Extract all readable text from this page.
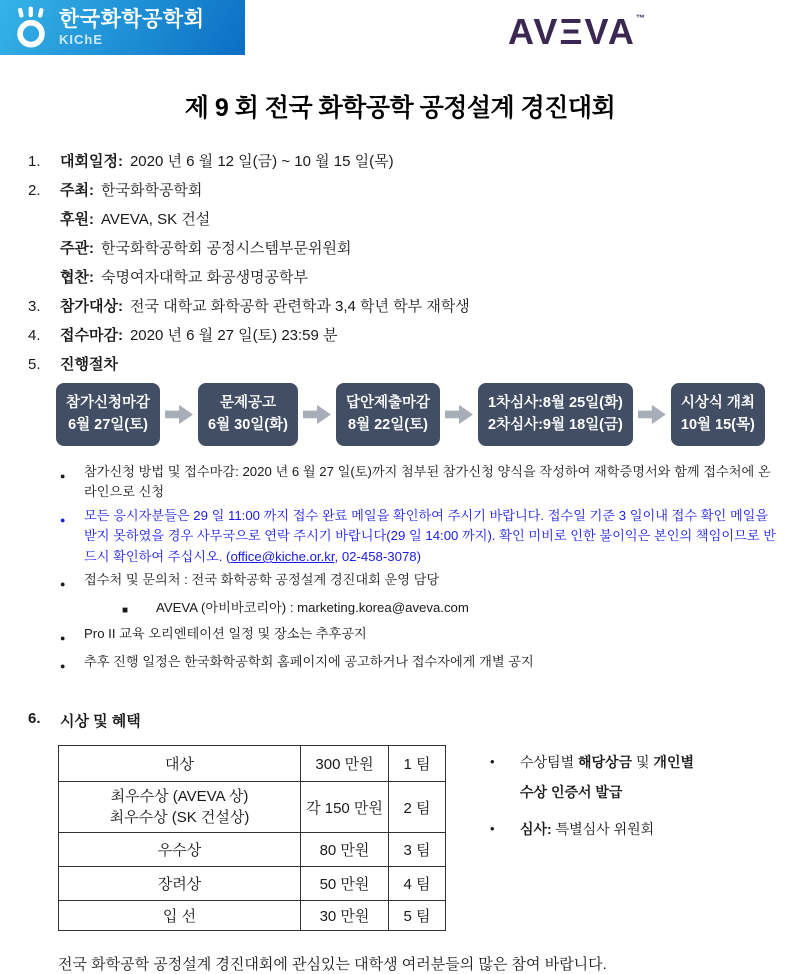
한국화학공학회
KIChE	AVΞVA ™
제 9 회 전국 화학공학 공정설계 경진대회
1.	대회일정: 2020 년 6 월 12 일(금) ~ 10 월 15 일(목)
2.	주최: 한국화학공학회
후원: AVEVA, SK 건설
주관: 한국화학공학회 공정시스템부문위원회
협찬: 숙명여자대학교 화공생명공학부
3.	참가대상: 전국 대학교 화학공학 관련학과 3,4 학년 학부 재학생
4.	접수마감: 2020 년 6 월 27 일(토) 23:59 분
5.	진행절차
참가신청마감
6월 27일(토)
문제공고
6월 30일(화)
답안제출마감
8월 22일(토)
1차심사:8월 25일(화)
2차심사:9월 18일(금)
시상식 개최
10월 15(목)
●	참가신청 방법 및 접수마감: 2020 년 6 월 27 일(토)까지 첨부된 참가신청 양식을 작성하여 재학증명서와 함께 접수처에 온라인으로 신청
●	모든 응시자분들은 29 일 11:00 까지 접수 완료 메일을 확인하여 주시기 바랍니다. 접수일 기준 3 일이내 접수 확인 메일을 받지 못하였을 경우 사무국으로 연락 주시기 바랍니다(29 일 14:00 까지). 확인 미비로 인한 불이익은 본인의 책임이므로 반드시 확인하여 주십시오. (office@kiche.or.kr, 02-458-3078)
●	접수처 및 문의처 : 전국 화학공학 공정설계 경진대회 운영 담당
■	AVEVA (아비바코리아) : marketing.korea@aveva.com
●	Pro II 교육 오리엔테이션 일정 및 장소는 추후공지
●	추후 진행 일정은 한국화학공학회 홈페이지에 공고하거나 접수자에게 개별 공지
6.	시상 및 혜택
대상	300 만원	1 팀

최우수상 (AVEVA 상)
최우수상 (SK 건설상)	각 150 만원	2 팀
우수상	80 만원	3 팀
장려상	50 만원	4 팀
입 선	30 만원	5 팀
•	수상팀별 해당상금 및 개인별
수상 인증서 발급
•	심사: 특별심사 위원회
전국 화학공학 공정설계 경진대회에 관심있는 대학생 여러분들의 많은 참여 바랍니다.
